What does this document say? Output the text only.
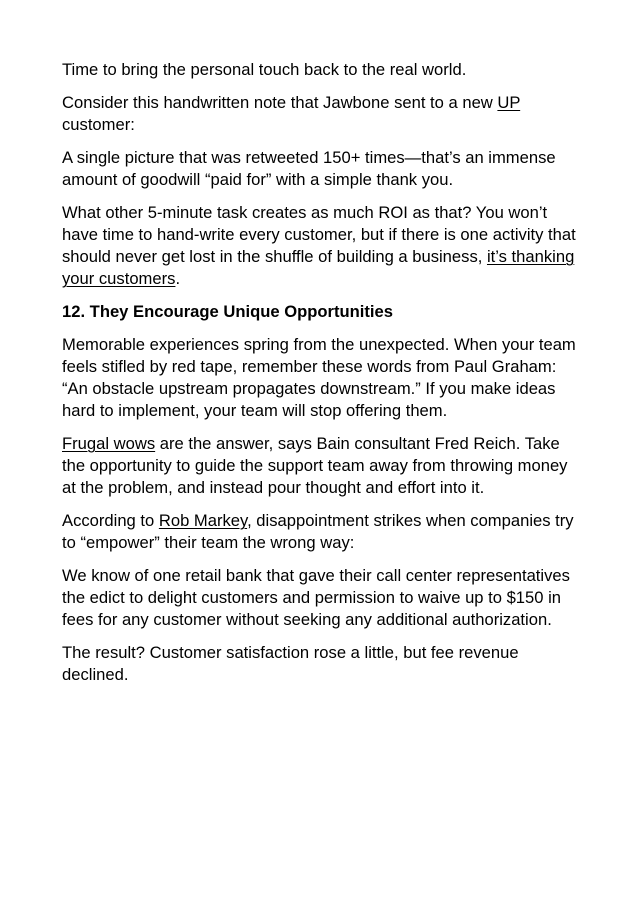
Time to bring the personal touch back to the real world.

Consider this handwritten note that Jawbone sent to a new UP customer:

A single picture that was retweeted 150+ times—that’s an immense amount of goodwill “paid for” with a simple thank you.

What other 5-minute task creates as much ROI as that? You won’t have time to hand-write every customer, but if there is one activity that should never get lost in the shuffle of building a business, it’s thanking your customers.

12. They Encourage Unique Opportunities

Memorable experiences spring from the unexpected. When your team feels stifled by red tape, remember these words from Paul Graham: “An obstacle upstream propagates downstream.” If you make ideas hard to implement, your team will stop offering them.

Frugal wows are the answer, says Bain consultant Fred Reich. Take the opportunity to guide the support team away from throwing money at the problem, and instead pour thought and effort into it.

According to Rob Markey, disappointment strikes when companies try to “empower” their team the wrong way:

We know of one retail bank that gave their call center representatives the edict to delight customers and permission to waive up to $150 in fees for any customer without seeking any additional authorization.

The result? Customer satisfaction rose a little, but fee revenue declined.
